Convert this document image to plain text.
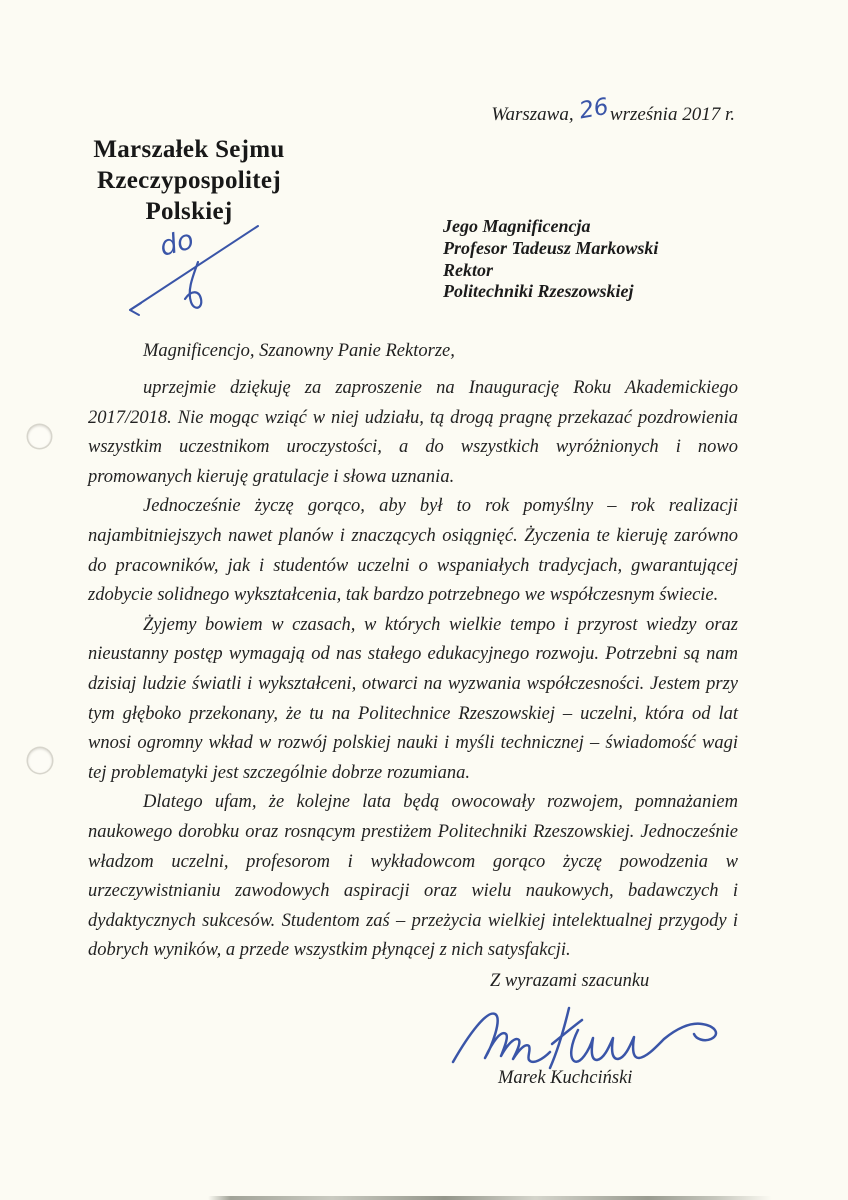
Warszawa, 26 września 2017 r.
Marszałek Sejmu
Rzeczypospolitej Polskiej
do	Jego Magnificencja
Profesor Tadeusz Markowski
Rektor
Politechniki Rzeszowskiej
Magnificencjo, Szanowny Panie Rektorze,

uprzejmie dziękuję za zaproszenie na Inaugurację Roku Akademickiego 2017/2018. Nie mogąc wziąć w niej udziału, tą drogą pragnę przekazać pozdrowienia wszystkim uczestnikom uroczystości, a do wszystkich wyróżnionych i nowo promowanych kieruję gratulacje i słowa uznania.

Jednocześnie życzę gorąco, aby był to rok pomyślny – rok realizacji najambitniejszych nawet planów i znaczących osiągnięć. Życzenia te kieruję zarówno do pracowników, jak i studentów uczelni o wspaniałych tradycjach, gwarantującej zdobycie solidnego wykształcenia, tak bardzo potrzebnego we współczesnym świecie.

Żyjemy bowiem w czasach, w których wielkie tempo i przyrost wiedzy oraz nieustanny postęp wymagają od nas stałego edukacyjnego rozwoju. Potrzebni są nam dzisiaj ludzie światli i wykształceni, otwarci na wyzwania współczesności. Jestem przy tym głęboko przekonany, że tu na Politechnice Rzeszowskiej – uczelni, która od lat wnosi ogromny wkład w rozwój polskiej nauki i myśli technicznej – świadomość wagi tej problematyki jest szczególnie dobrze rozumiana.

Dlatego ufam, że kolejne lata będą owocowały rozwojem, pomnażaniem naukowego dorobku oraz rosnącym prestiżem Politechniki Rzeszowskiej. Jednocześnie władzom uczelni, profesorom i wykładowcom gorąco życzę powodzenia w urzeczywistnianiu zawodowych aspiracji oraz wielu naukowych, badawczych i dydaktycznych sukcesów. Studentom zaś – przeżycia wielkiej intelektualnej przygody i dobrych wyników, a przede wszystkim płynącej z nich satysfakcji.

Z wyrazami szacunku
Marek Kuchciński
